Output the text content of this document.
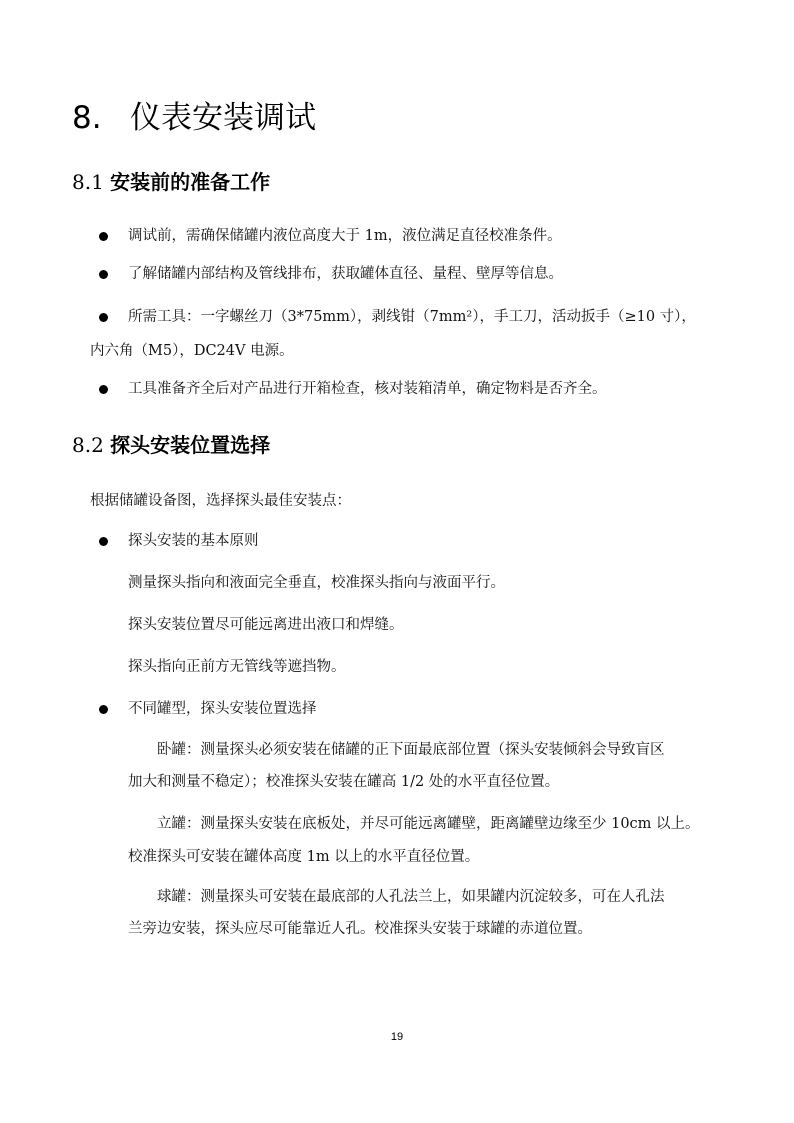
8. 仪表安装调试
8.1 安装前的准备工作
调试前，需确保储罐内液位高度大于 1m，液位满足直径校准条件。
了解储罐内部结构及管线排布，获取罐体直径、量程、壁厚等信息。
所需工具：一字螺丝刀（3*75mm），剥线钳（7mm²），手工刀，活动扳手（≥10 寸），
内六角（M5），DC24V 电源。
工具准备齐全后对产品进行开箱检查，核对装箱清单，确定物料是否齐全。
8.2 探头安装位置选择
根据储罐设备图，选择探头最佳安装点：
探头安装的基本原则
测量探头指向和液面完全垂直，校准探头指向与液面平行。
探头安装位置尽可能远离进出液口和焊缝。
探头指向正前方无管线等遮挡物。
不同罐型，探头安装位置选择
卧罐：测量探头必须安装在储罐的正下面最底部位置（探头安装倾斜会导致盲区
加大和测量不稳定）；校准探头安装在罐高 1/2 处的水平直径位置。
立罐：测量探头安装在底板处，并尽可能远离罐壁，距离罐壁边缘至少 10cm 以上。
校准探头可安装在罐体高度 1m 以上的水平直径位置。
球罐：测量探头可安装在最底部的人孔法兰上，如果罐内沉淀较多，可在人孔法
兰旁边安装，探头应尽可能靠近人孔。校准探头安装于球罐的赤道位置。
19
